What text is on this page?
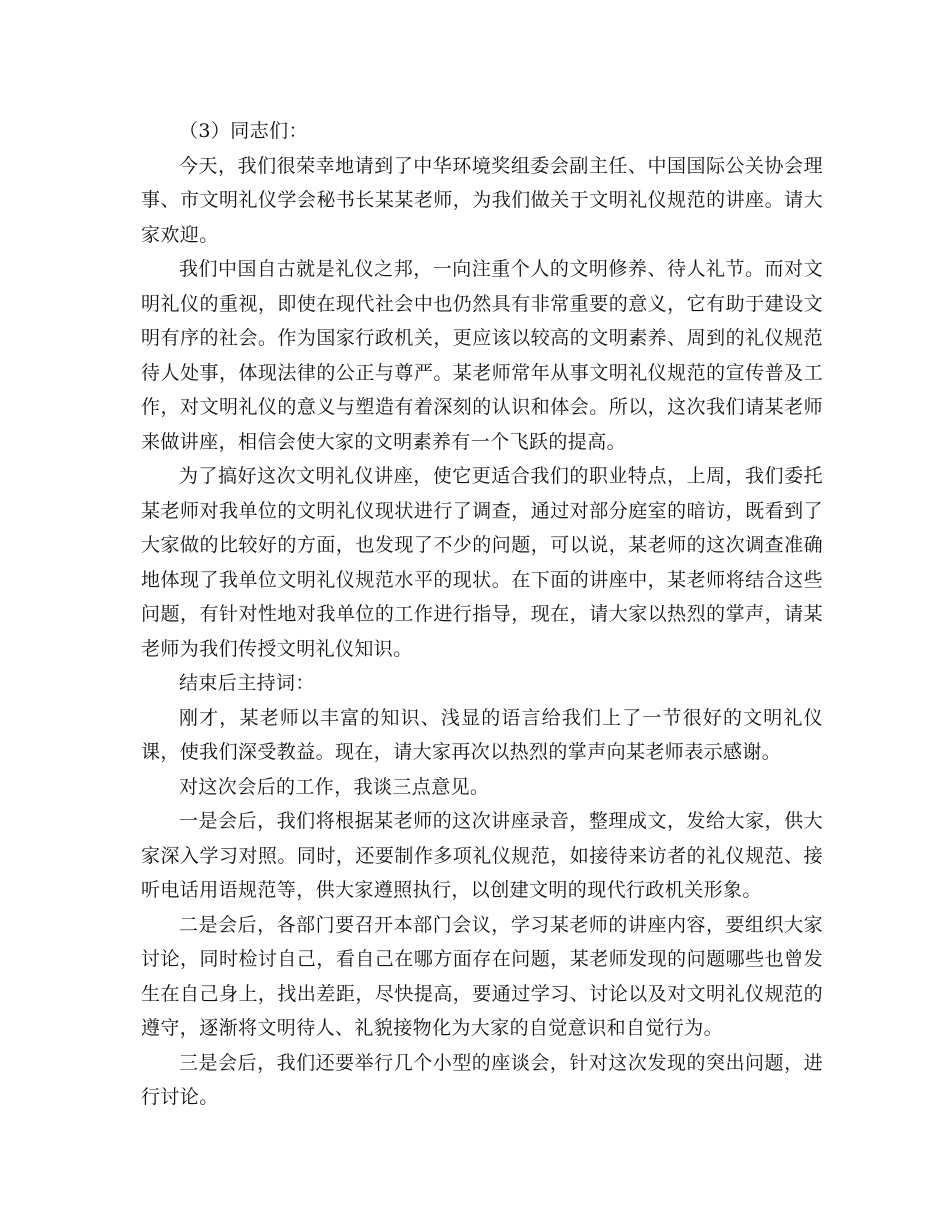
（3）同志们：

今天，我们很荣幸地请到了中华环境奖组委会副主任、中国国际公关协会理事、市文明礼仪学会秘书长某某老师，为我们做关于文明礼仪规范的讲座。请大家欢迎。

我们中国自古就是礼仪之邦，一向注重个人的文明修养、待人礼节。而对文明礼仪的重视，即使在现代社会中也仍然具有非常重要的意义，它有助于建设文明有序的社会。作为国家行政机关，更应该以较高的文明素养、周到的礼仪规范待人处事，体现法律的公正与尊严。某老师常年从事文明礼仪规范的宣传普及工作，对文明礼仪的意义与塑造有着深刻的认识和体会。所以，这次我们请某老师来做讲座，相信会使大家的文明素养有一个飞跃的提高。

为了搞好这次文明礼仪讲座，使它更适合我们的职业特点，上周，我们委托某老师对我单位的文明礼仪现状进行了调查，通过对部分庭室的暗访，既看到了大家做的比较好的方面，也发现了不少的问题，可以说，某老师的这次调查准确地体现了我单位文明礼仪规范水平的现状。在下面的讲座中，某老师将结合这些问题，有针对性地对我单位的工作进行指导，现在，请大家以热烈的掌声，请某老师为我们传授文明礼仪知识。

结束后主持词：

刚才，某老师以丰富的知识、浅显的语言给我们上了一节很好的文明礼仪课，使我们深受教益。现在，请大家再次以热烈的掌声向某老师表示感谢。

对这次会后的工作，我谈三点意见。

一是会后，我们将根据某老师的这次讲座录音，整理成文，发给大家，供大家深入学习对照。同时，还要制作多项礼仪规范，如接待来访者的礼仪规范、接听电话用语规范等，供大家遵照执行，以创建文明的现代行政机关形象。

二是会后，各部门要召开本部门会议，学习某老师的讲座内容，要组织大家讨论，同时检讨自己，看自己在哪方面存在问题，某老师发现的问题哪些也曾发生在自己身上，找出差距，尽快提高，要通过学习、讨论以及对文明礼仪规范的遵守，逐渐将文明待人、礼貌接物化为大家的自觉意识和自觉行为。

三是会后，我们还要举行几个小型的座谈会，针对这次发现的突出问题，进行讨论。
